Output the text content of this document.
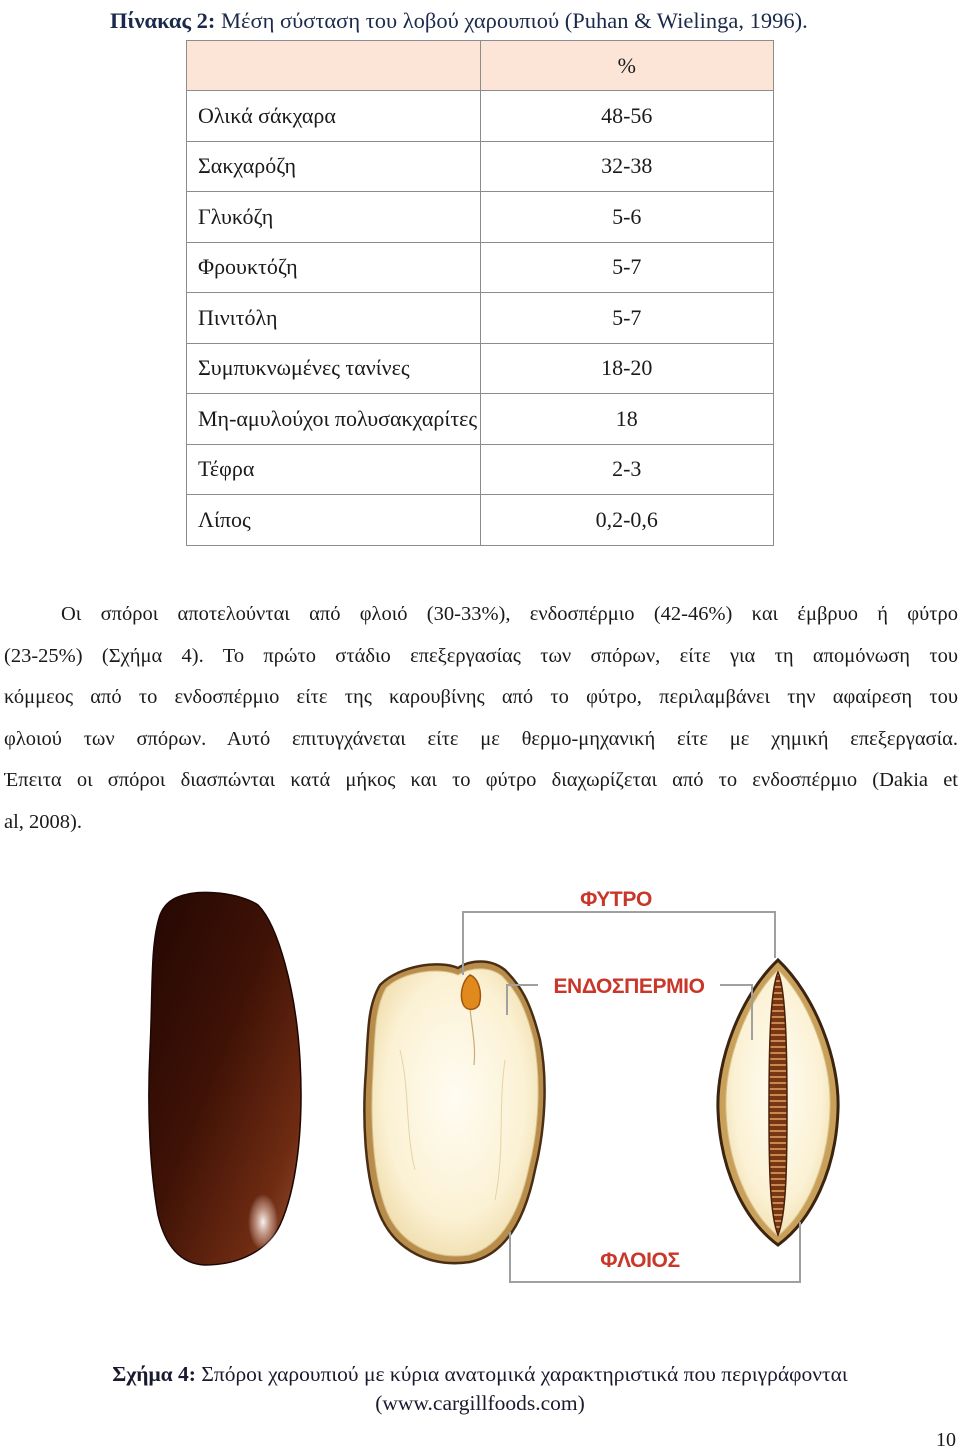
Πίνακας 2: Μέση σύσταση του λοβού χαρουπιού (Puhan & Wielinga, 1996).
	%
Ολικά σάκχαρα	48-56
Σακχαρόζη	32-38
Γλυκόζη	5-6
Φρουκτόζη	5-7
Πινιτόλη	5-7
Συμπυκνωμένες τανίνες	18-20
Μη-αμυλούχοι πολυσακχαρίτες	18
Τέφρα	2-3
Λίπος	0,2-0,6
Οι σπόροι αποτελούνται από φλοιό (30-33%), ενδοσπέρμιο (42-46%) και έμβρυο ή φύτρο
(23-25%) (Σχήμα 4). Το πρώτο στάδιο επεξεργασίας των σπόρων, είτε για τη απομόνωση του
κόμμεος από το ενδοσπέρμιο είτε της καρουβίνης από το φύτρο, περιλαμβάνει την αφαίρεση του
φλοιού των σπόρων. Αυτό επιτυγχάνεται είτε με θερμο-μηχανική είτε με χημική επεξεργασία.
Έπειτα οι σπόροι διασπώνται κατά μήκος και το φύτρο διαχωρίζεται από το ενδοσπέρμιο (Dakia et
al, 2008).
ΦΥΤΡΟ
ΕΝΔΟΣΠΕΡΜΙΟ
ΦΛΟΙΟΣ
Σχήμα 4: Σπόροι χαρουπιού με κύρια ανατομικά χαρακτηριστικά που περιγράφονται
(www.cargillfoods.com)
10
